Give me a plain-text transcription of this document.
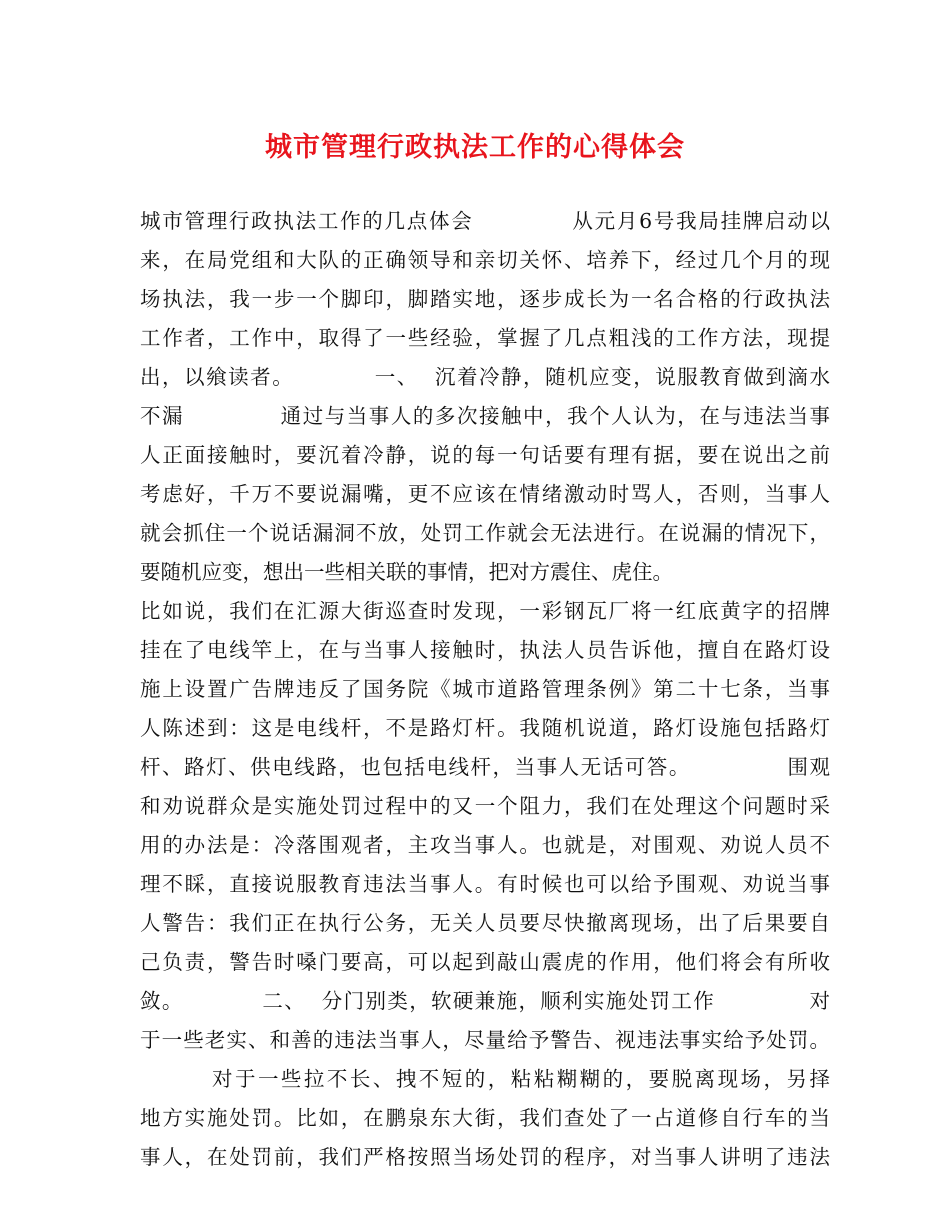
城市管理行政执法工作的心得体会
城市管理行政执法工作的几点体会            从元月6号我局挂牌启动以
来，在局党组和大队的正确领导和亲切关怀、培养下，经过几个月的现
场执法，我一步一个脚印，脚踏实地，逐步成长为一名合格的行政执法
工作者，工作中，取得了一些经验，掌握了几点粗浅的工作方法，现提
出，以飨读者。          一、  沉着冷静，随机应变，说服教育做到滴水
不漏            通过与当事人的多次接触中，我个人认为，在与违法当事
人正面接触时，要沉着冷静，说的每一句话要有理有据，要在说出之前
考虑好，千万不要说漏嘴，更不应该在情绪激动时骂人，否则，当事人
就会抓住一个说话漏洞不放，处罚工作就会无法进行。在说漏的情况下，
要随机应变，想出一些相关联的事情，把对方震住、虎住。
比如说，我们在汇源大街巡查时发现，一彩钢瓦厂将一红底黄字的招牌
挂在了电线竿上，在与当事人接触时，执法人员告诉他，擅自在路灯设
施上设置广告牌违反了国务院《城市道路管理条例》第二十七条，当事
人陈述到：这是电线杆，不是路灯杆。我随机说道，路灯设施包括路灯
杆、路灯、供电线路，也包括电线杆，当事人无话可答。            围观
和劝说群众是实施处罚过程中的又一个阻力，我们在处理这个问题时采
用的办法是：冷落围观者，主攻当事人。也就是，对围观、劝说人员不
理不睬，直接说服教育违法当事人。有时候也可以给予围观、劝说当事
人警告：我们正在执行公务，无关人员要尽快撤离现场，出了后果要自
己负责，警告时嗓门要高，可以起到敲山震虎的作用，他们将会有所收
敛。          二、  分门别类，软硬兼施，顺利实施处罚工作            对
于一些老实、和善的违法当事人，尽量给予警告、视违法事实给予处罚。
对于一些拉不长、拽不短的，粘粘糊糊的，要脱离现场，另择
地方实施处罚。比如，在鹏泉东大街，我们查处了一占道修自行车的当
事人，在处罚前，我们严格按照当场处罚的程序，对当事人讲明了违法
